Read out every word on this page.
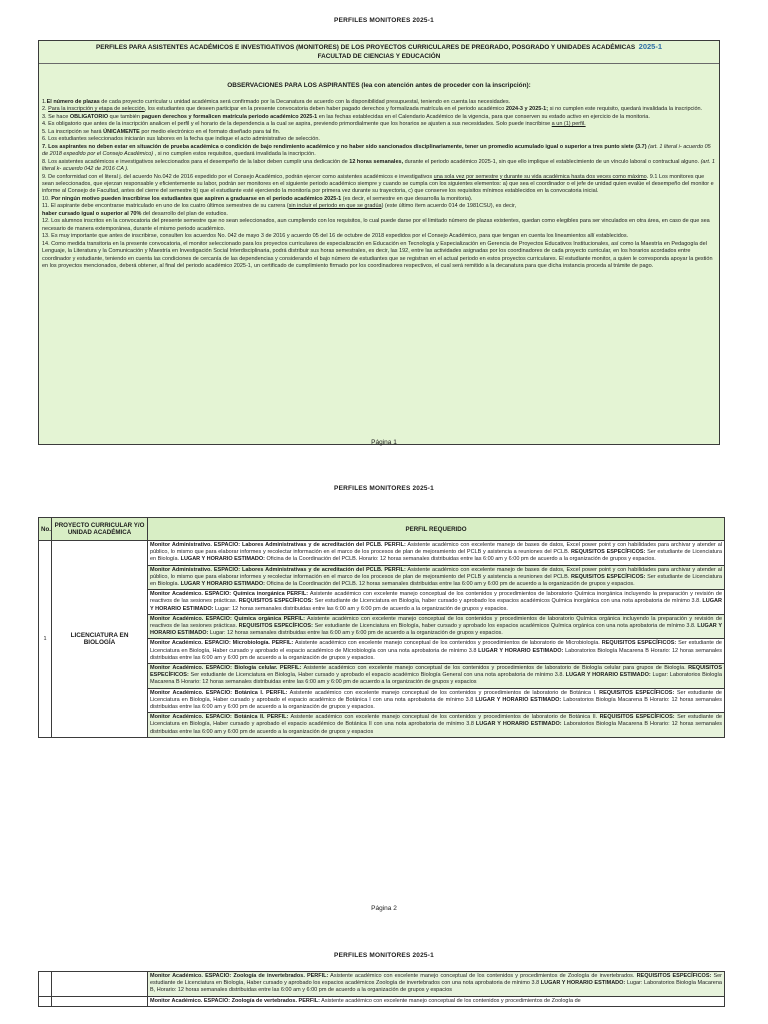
PERFILES MONITORES 2025-1
PERFILES PARA ASISTENTES ACADÉMICOS E INVESTIGATIVOS (MONITORES) DE LOS PROYECTOS CURRICULARES DE PREGRADO, POSGRADO Y UNIDADES ACADÉMICAS 2025-1
FACULTAD DE CIENCIAS Y EDUCACIÓN
OBSERVACIONES PARA LOS ASPIRANTES (lea con atención antes de proceder con la inscripción):

1.El número de plazas de cada proyecto curricular u unidad académica será confirmado por la Decanatura de acuerdo con la disponibilidad presupuestal, teniendo en cuenta las necesidades.

2. Para la inscripción y etapa de selección, los estudiantes que deseen participar en la presente convocatoria deben haber pagado derechos y formalizada matrícula en el periodo académico 2024-3 y 2025-1; si no cumplen este requisito, quedará invalidada la inscripción.

3. Se hace OBLIGATORIO que también paguen derechos y formalicen matrícula periodo académico 2025-1 en las fechas establecidas en el Calendario Académico de la vigencia, para que conserven su estado activo en ejercicio de la monitoria.

4. Es obligatorio que antes de la inscripción analicen el perfil y el horario de la dependencia a la cual se aspira, previendo primordialmente que los horarios se ajusten a sus necesidades. Solo puede inscribirse a un (1) perfil.

5. La inscripción se hará ÚNICAMENTE por medio electrónico en el formato diseñado para tal fin.

6. Los estudiantes seleccionados iniciarán sus labores en la fecha que indique el acto administrativo de selección.

7. Los aspirantes no deben estar en situación de prueba académica o condición de bajo rendimiento académico y no haber sido sancionados disciplinariamente, tener un promedio acumulado igual o superior a tres punto siete (3.7) (art. 1 literal i- acuerdo 05 de 2018 expedido por el Consejo Académico) , si no cumplen estos requisitos, quedará invalidada la inscripción.

8. Los asistentes académicos e investigativos seleccionados para el desempeño de la labor deben cumplir una dedicación de 12 horas semanales, durante el periodo académico 2025-1, sin que ello implique el establecimiento de un vínculo laboral o contractual alguno. (art. 1 literal k- acuerdo 042 de 2016 CA ).

9. De conformidad con el literal j. del acuerdo No.042 de 2016 expedido por el Consejo Académico, podrán ejercer como asistentes académicos e investigativos una sola vez por semestre y durante su vida académica hasta dos veces como máximo. 9.1 Los monitores que sean seleccionados, que ejerzan responsable y eficientemente su labor, podrán ser monitores en el siguiente periodo académico siempre y cuando se cumpla con los siguientes elementos: a) que sea el coordinador o el jefe de unidad quien evalúe el desempeño del monitor e informe al Consejo de Facultad, antes del cierre del semestre b) que el estudiante esté ejerciendo la monitoría por primera vez durante su trayectoria, c) que conserve los requisitos mínimos establecidos en la convocatoria inicial.

10. Por ningún motivo pueden inscribirse los estudiantes que aspiren a graduarse en el periodo académico 2025-1 (es decir, el semestre en que desarrolla la monitoria).

11. El aspirante debe encontrarse matriculado en uno de los cuatro últimos semestres de su carrera (sin incluir el periodo en que se gradúa) (este último ítem acuerdo 014 de 1981CSU), es decir,
haber cursado igual o superior al 70% del desarrollo del plan de estudios.

12. Los alumnos inscritos en la convocatoria del presente semestre que no sean seleccionados, aun cumpliendo con los requisitos, lo cual puede darse por el limitado número de plazas existentes, quedan como elegibles para ser vinculados en otra área, en caso de que sea necesario de manera extemporánea, durante el mismo periodo académico.

13. Es muy importante que antes de inscribirse, consulten los acuerdos No. 042 de mayo 3 de 2016 y acuerdo 05 del 16 de octubre de 2018 expedidos por el Consejo Académico, para que tengan en cuenta los lineamientos allí establecidos.

14. Como medida transitoria en la presente convocatoria, el monitor seleccionado para los proyectos curriculares de especialización en Educación en Tecnología y Especialización en Gerencia de Proyectos Educativos Institucionales, así como la Maestría en Pedagogía del Lenguaje, la Literatura y la Comunicación y Maestría en Investigación Social Interdisciplinaria, podrá distribuir sus horas semestrales, es decir, las 192, entre las actividades asignadas por los coordinadores de cada proyecto curricular, en los horarios acordados entre coordinador y estudiante, teniendo en cuenta las condiciones de cercanía de las dependencias y considerando el bajo número de estudiantes que se registran en el actual periodo en estos proyectos curriculares. El estudiante monitor, a quien le corresponda apoyar la gestión en los proyectos mencionados, deberá obtener, al final del periodo académico 2025-1, un certificado de cumplimiento firmado por los coordinadores respectivos, el cual será remitido a la decanatura para que dicha instancia proceda al trámite de pago.

Página 1
PERFILES MONITORES 2025-1
No.	PROYECTO CURRICULAR Y/O UNIDAD ACADÉMICA	PERFIL REQUERIDO
1	LICENCIATURA EN BIOLOGÍA	Monitor Administrativo. ESPACIO: Labores Administrativas y de acreditación del PCLB. PERFIL: Asistente académico con excelente manejo de bases de datos, Excel power point y con habilidades para archivar y atender al público, lo mismo que para elaborar informes y recolectar información en el marco de los procesos de plan de mejoramiento del PCLB y asistencia a reuniones del PCLB. REQUISITOS ESPECÍFICOS: Ser estudiante de Licenciatura en Biología. LUGAR Y HORARIO ESTIMADO: Oficina de la Coordinación del PCLB. Horario: 12 horas semanales distribuidas entre las 6:00 am y 6:00 pm de acuerdo a la organización de grupos y espacios.
		Monitor Administrativo. ESPACIO: Labores Administrativas y de acreditación del PCLB. PERFIL: Asistente académico con excelente manejo de bases de datos, Excel power point y con habilidades para archivar y atender al público, lo mismo que para elaborar informes y recolectar información en el marco de los procesos de plan de mejoramiento del PCLB y asistencia a reuniones del PCLB. REQUISITOS ESPECÍFICOS: Ser estudiante de Licenciatura en Biología. LUGAR Y HORARIO ESTIMADO: Oficina de la Coordinación del PCLB. 12 horas semanales distribuidas entre las 6:00 am y 6:00 pm de acuerdo a la organización de grupos y espacios.
		Monitor Académico. ESPACIO: Química inorgánica PERFIL: Asistente académico con excelente manejo conceptual de los contenidos y procedimientos de laboratorio Química inorgánica incluyendo la preparación y revisión de reactivos de las sesiones prácticas. REQUISITOS ESPECÍFICOS: Ser estudiante de Licenciatura en Biología, haber cursado y aprobado los espacios académicos Química inorgánica con una nota aprobatoria de mínimo 3.8. LUGAR Y HORARIO ESTIMADO: Lugar: 12 horas semanales distribuidas entre las 6:00 am y 6:00 pm de acuerdo a la organización de grupos y espacios.
		Monitor Académico. ESPACIO: Química orgánica PERFIL: Asistente académico con excelente manejo conceptual de los contenidos y procedimientos de laboratorio Química orgánica incluyendo la preparación y revisión de reactivos de las sesiones prácticas. REQUISITOS ESPECÍFICOS: Ser estudiante de Licenciatura en Biología, haber cursado y aprobado los espacios académicos Química orgánica con una nota aprobatoria de mínimo 3.8. LUGAR Y HORARIO ESTIMADO: Lugar: 12 horas semanales distribuidas entre las 6:00 am y 6:00 pm de acuerdo a la organización de grupos y espacios.
		Monitor Académico. ESPACIO: Microbiología. PERFIL: Asistente académico con excelente manejo conceptual de los contenidos y procedimientos de laboratorio de Microbiología. REQUISITOS ESPECÍFICOS: Ser estudiante de Licenciatura en Biología, Haber cursado y aprobado el espacio académico de Microbiología con una nota aprobatoria de mínimo 3.8 LUGAR Y HORARIO ESTIMADO: Laboratorios Biología Macarena B Horario: 12 horas semanales distribuidas entre las 6:00 am y 6:00 pm de acuerdo a la organización de grupos y espacios.
		Monitor Académico. ESPACIO: Biología celular. PERFIL: Asistente académico con excelente manejo conceptual de los contenidos y procedimientos de laboratorio de Biología celular para grupos de Biología. REQUISITOS ESPECÍFICOS: Ser estudiante de Licenciatura en Biología, Haber cursado y aprobado el espacio académico Biología General con una nota aprobatoria de mínimo 3.8. LUGAR Y HORARIO ESTIMADO: Lugar: Laboratorios Biología Macarena B Horario: 12 horas semanales distribuidas entre las 6:00 am y 6:00 pm de acuerdo a la organización de grupos y espacios
		Monitor Académico. ESPACIO: Botánica I. PERFIL: Asistente académico con excelente manejo conceptual de los contenidos y procedimientos de laboratorio de Botánica I. REQUISITOS ESPECÍFICOS: Ser estudiante de Licenciatura en Biología, Haber cursado y aprobado el espacio académico de Botánica I con una nota aprobatoria de mínimo 3.8 LUGAR Y HORARIO ESTIMADO: Laboratorios Biología Macarena B Horario: 12 horas semanales distribuidas entre las 6:00 am y 6:00 pm de acuerdo a la organización de grupos y espacios.
		Monitor Académico. ESPACIO: Botánica II. PERFIL: Asistente académico con excelente manejo conceptual de los contenidos y procedimientos de laboratorio de Botánica II. REQUISITOS ESPECÍFICOS: Ser estudiante de Licenciatura en Biología, Haber cursado y aprobado el espacio académico de Botánica II con una nota aprobatoria de mínimo 3.8 LUGAR Y HORARIO ESTIMADO: Laboratorios Biología Macarena B Horario: 12 horas semanales distribuidas entre las 6:00 am y 6:00 pm de acuerdo a la organización de grupos y espacios
Página 2
PERFILES MONITORES 2025-1
		Monitor Académico. ESPACIO: Zoología de invertebrados. PERFIL: Asistente académico con excelente manejo conceptual de los contenidos y procedimientos de Zoología de invertebrados. REQUISITOS ESPECÍFICOS: Ser estudiante de Licenciatura en Biología, Haber cursado y aprobado los espacios académicos Zoología de invertebrados con una nota aprobatoria de mínimo 3.8 LUGAR Y HORARIO ESTIMADO: Lugar: Laboratorios Biología Macarena B, Horario: 12 horas semanales distribuidas entre las 6:00 am y 6:00 pm de acuerdo a la organización de grupos y espacios
		Monitor Académico. ESPACIO: Zoología de vertebrados. PERFIL: Asistente académico con excelente manejo conceptual de los contenidos y procedimientos de Zoología de
